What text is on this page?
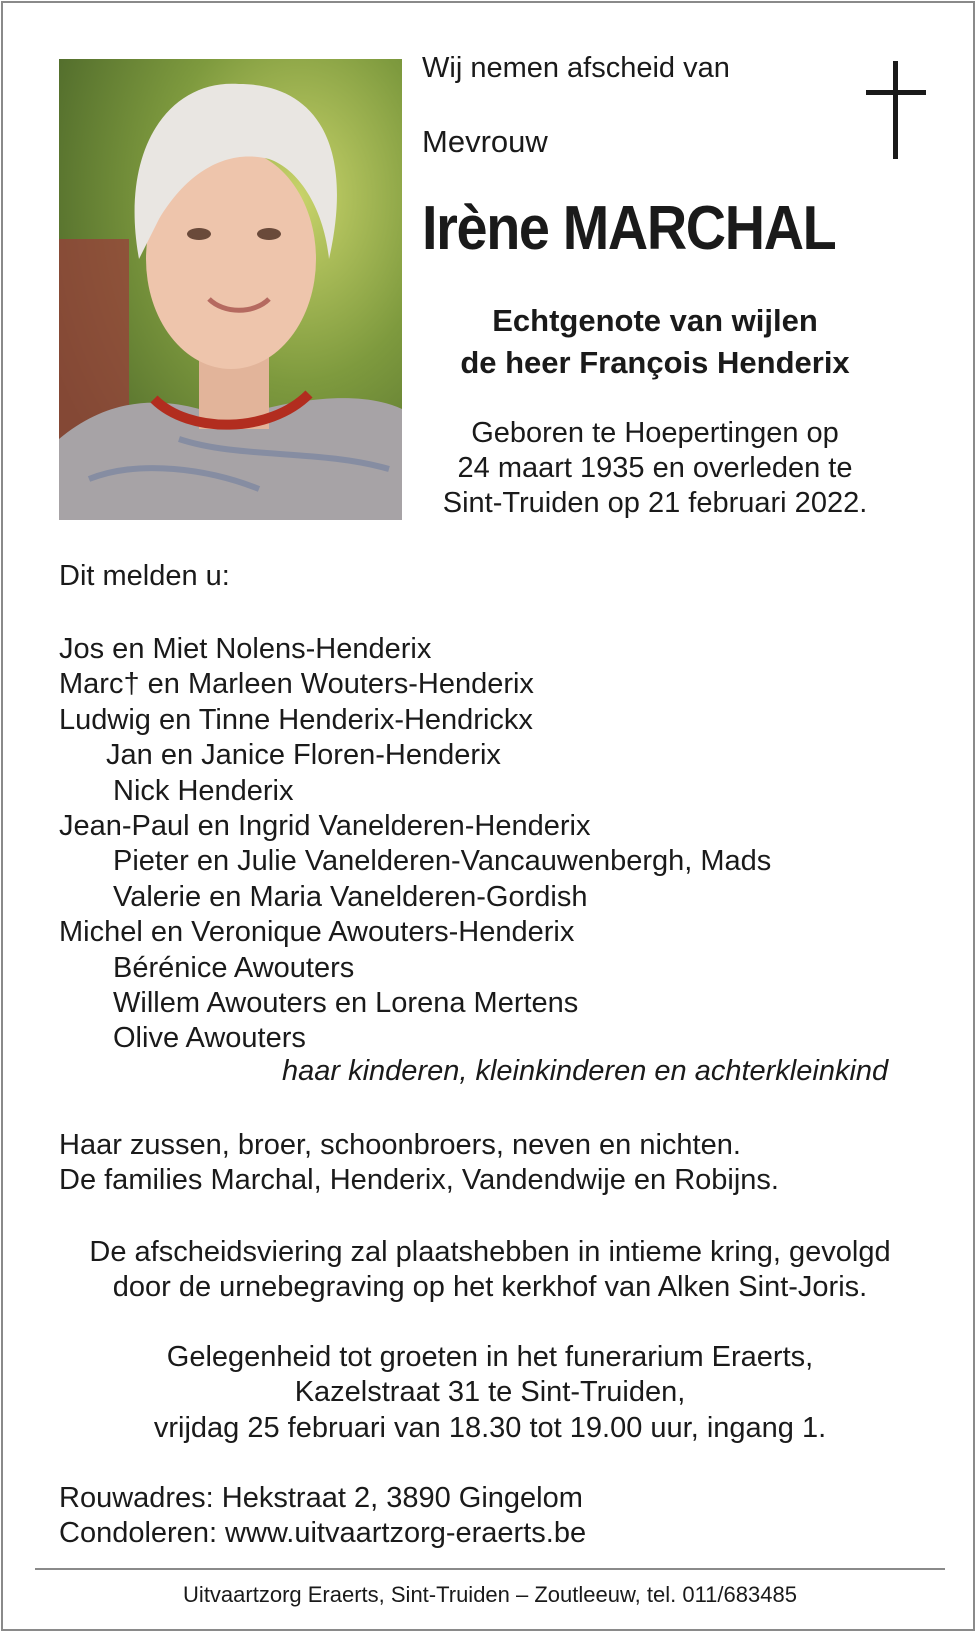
Wij nemen afscheid van
Mevrouw
Irène MARCHAL
Echtgenote van wijlen
de heer François Henderix
Geboren te Hoepertingen op
24 maart 1935 en overleden te
Sint-Truiden op 21 februari 2022.
Dit melden u:
Jos en Miet Nolens-Henderix
Marc† en Marleen Wouters-Henderix
Ludwig en Tinne Henderix-Hendrickx
Jan en Janice Floren-Henderix
Nick Henderix
Jean-Paul en Ingrid Vanelderen-Henderix
Pieter en Julie Vanelderen-Vancauwenbergh, Mads
Valerie en Maria Vanelderen-Gordish
Michel en Veronique Awouters-Henderix
Bérénice Awouters
Willem Awouters en Lorena Mertens
Olive Awouters
haar kinderen, kleinkinderen en achterkleinkind
Haar zussen, broer, schoonbroers, neven en nichten.
De families Marchal, Henderix, Vandendwije en Robijns.
De afscheidsviering zal plaatshebben in intieme kring, gevolgd
door de urnebegraving op het kerkhof van Alken Sint-Joris.
Gelegenheid tot groeten in het funerarium Eraerts,
Kazelstraat 31 te Sint-Truiden,
vrijdag 25 februari van 18.30 tot 19.00 uur, ingang 1.
Rouwadres: Hekstraat 2, 3890 Gingelom
Condoleren: www.uitvaartzorg-eraerts.be
Uitvaartzorg Eraerts, Sint-Truiden – Zoutleeuw, tel. 011/683485
